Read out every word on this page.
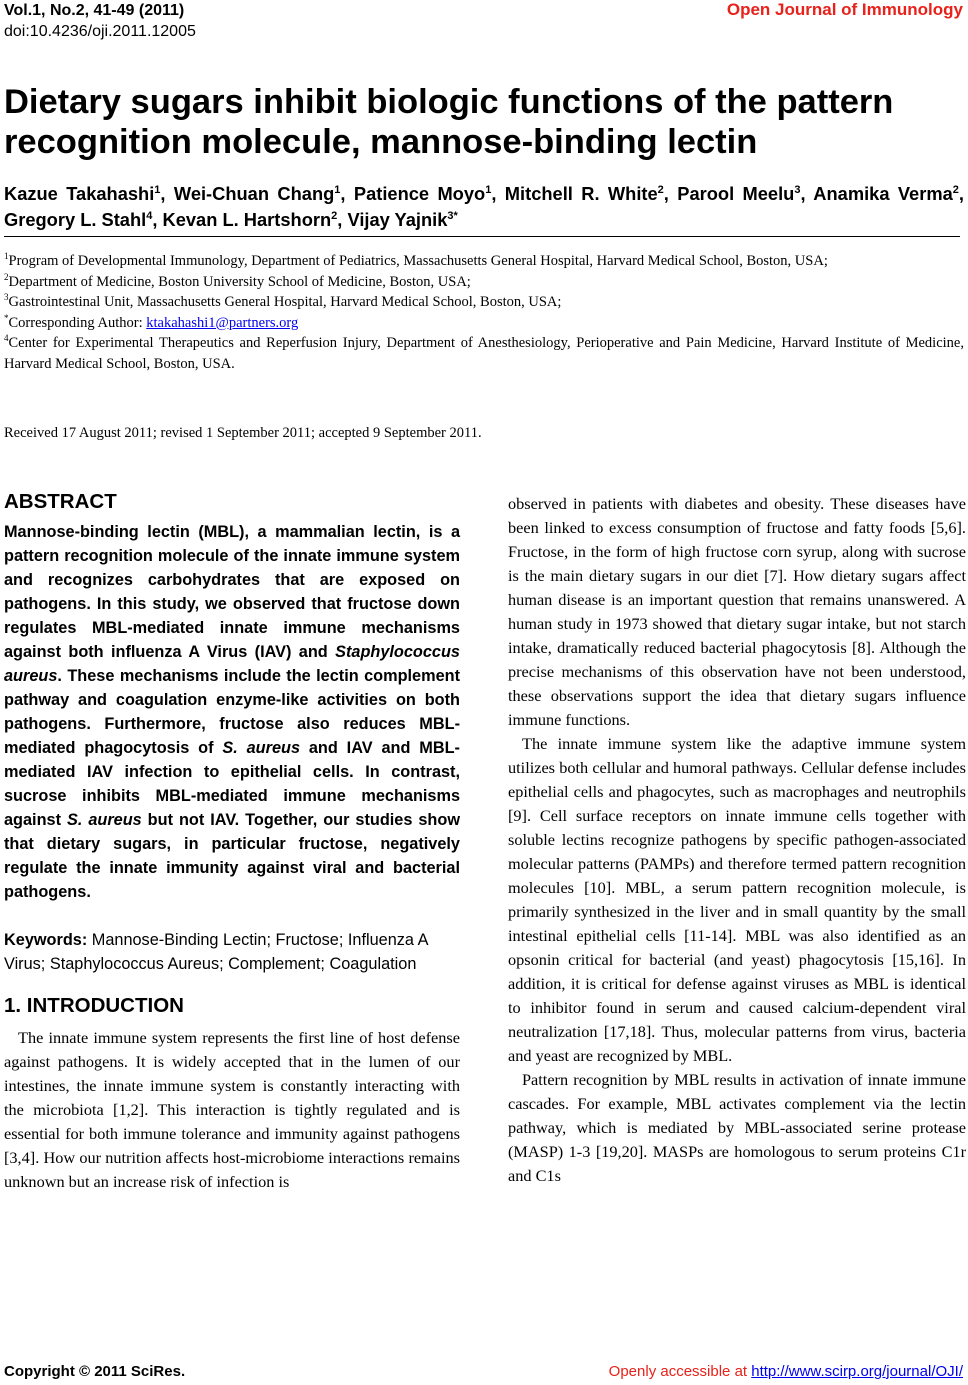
Vol.1, No.2, 41-49 (2011)
doi:10.4236/oji.2011.12005
Open Journal of Immunology
Dietary sugars inhibit biologic functions of the pattern recognition molecule, mannose-binding lectin
Kazue Takahashi$^1$, Wei-Chuan Chang$^1$, Patience Moyo$^1$, Mitchell R. White$^2$, Parool Meelu$^3$, Anamika Verma$^2$, Gregory L. Stahl$^4$, Kevan L. Hartshorn$^2$, Vijay Yajnik$^{3*}$

$^1$Program of Developmental Immunology, Department of Pediatrics, Massachusetts General Hospital, Harvard Medical School, Boston, USA;

$^2$Department of Medicine, Boston University School of Medicine, Boston, USA;

$^3$Gastrointestinal Unit, Massachusetts General Hospital, Harvard Medical School, Boston, USA;

*Corresponding Author: ktakahashi1@partners.org

$^4$Center for Experimental Therapeutics and Reperfusion Injury, Department of Anesthesiology, Perioperative and Pain Medicine, Harvard Institute of Medicine, Harvard Medical School, Boston, USA.

Received 17 August 2011; revised 1 September 2011; accepted 9 September 2011.
ABSTRACT

Mannose-binding lectin (MBL), a mammalian lectin, is a pattern recognition molecule of the innate immune system and recognizes carbohydrates that are exposed on pathogens. In this study, we observed that fructose down regulates MBL-mediated innate immune mechanisms against both influenza A Virus (IAV) and Staphylococcus aureus. These mechanisms include the lectin complement pathway and coagulation enzyme-like activities on both pathogens. Furthermore, fructose also reduces MBL-mediated phagocytosis of S. aureus and IAV and MBL-mediated IAV infection to epithelial cells. In contrast, sucrose inhibits MBL-mediated immune mechanisms against S. aureus but not IAV. Together, our studies show that dietary sugars, in particular fructose, negatively regulate the innate immunity against viral and bacterial pathogens.

Keywords: Mannose-Binding Lectin; Fructose; Influenza A Virus; Staphylococcus Aureus; Complement; Coagulation

1. INTRODUCTION

The innate immune system represents the first line of host defense against pathogens. It is widely accepted that in the lumen of our intestines, the innate immune system is constantly interacting with the microbiota [1,2]. This interaction is tightly regulated and is essential for both immune tolerance and immunity against pathogens [3,4]. How our nutrition affects host-microbiome interactions remains unknown but an increase risk of infection is

observed in patients with diabetes and obesity. These diseases have been linked to excess consumption of fructose and fatty foods [5,6]. Fructose, in the form of high fructose corn syrup, along with sucrose is the main dietary sugars in our diet [7]. How dietary sugars affect human disease is an important question that remains unanswered. A human study in 1973 showed that dietary sugar intake, but not starch intake, dramatically reduced bacterial phagocytosis [8]. Although the precise mechanisms of this observation have not been understood, these observations support the idea that dietary sugars influence immune functions.

The innate immune system like the adaptive immune system utilizes both cellular and humoral pathways. Cellular defense includes epithelial cells and phagocytes, such as macrophages and neutrophils [9]. Cell surface receptors on innate immune cells together with soluble lectins recognize pathogens by specific pathogen-associated molecular patterns (PAMPs) and therefore termed pattern recognition molecules [10]. MBL, a serum pattern recognition molecule, is primarily synthesized in the liver and in small quantity by the small intestinal epithelial cells [11-14]. MBL was also identified as an opsonin critical for bacterial (and yeast) phagocytosis [15,16]. In addition, it is critical for defense against viruses as MBL is identical to inhibitor found in serum and caused calcium-dependent viral neutralization [17,18]. Thus, molecular patterns from virus, bacteria and yeast are recognized by MBL.

Pattern recognition by MBL results in activation of innate immune cascades. For example, MBL activates complement via the lectin pathway, which is mediated by MBL-associated serine protease (MASP) 1-3 [19,20]. MASPs are homologous to serum proteins C1r and C1s

Copyright © 2011 SciRes.	Openly accessible at http://www.scirp.org/journal/OJI/
